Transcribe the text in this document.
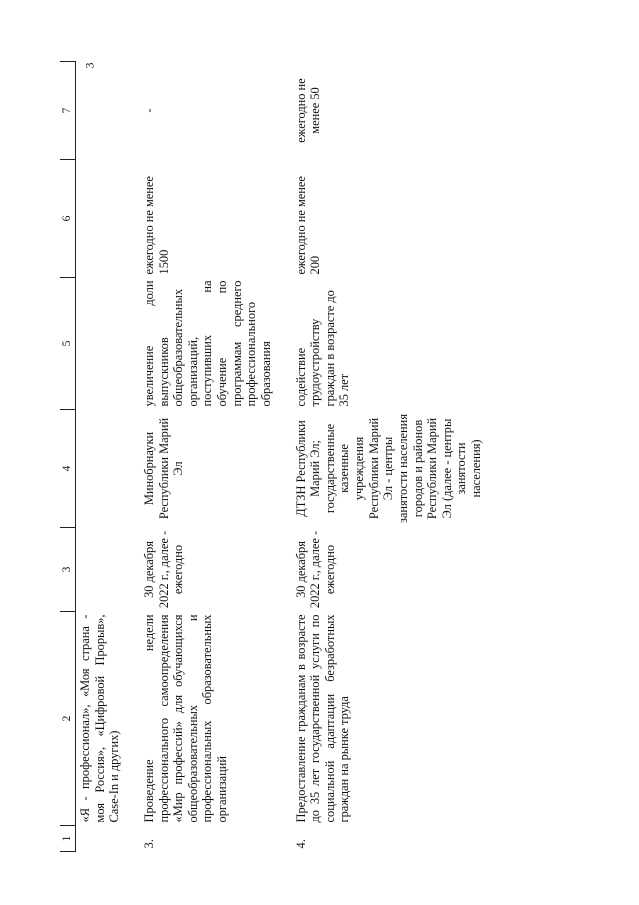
3
1	2	3	4	5	6	7
	«Я - профессионал», «Моя страна - моя Россия», «Цифровой Прорыв», Case-In и других)					
3.	Проведение недели профессионального самоопределения «Мир профессий» для обучающихся общеобразовательных и профессиональных образовательных организаций	30 декабря 2022 г., далее - ежегодно	Минобрнауки Республики Марий Эл	увеличение доли выпускников общеобразовательных организаций, поступивших на обучение по программам среднего профессионального образования	ежегодно не менее 1500	-
4.	Предоставление гражданам в возрасте до 35 лет государственной услуги по социальной адаптации безработных граждан на рынке труда	30 декабря 2022 г., далее - ежегодно	ДТЗН Республики Марий Эл; государственные казенные учреждения Республики Марий Эл - центры занятости населения городов и районов Республики Марий Эл (далее - центры занятости населения)	содействие трудоустройству граждан в возрасте до 35 лет	ежегодно не менее 200	ежегодно не менее 50
